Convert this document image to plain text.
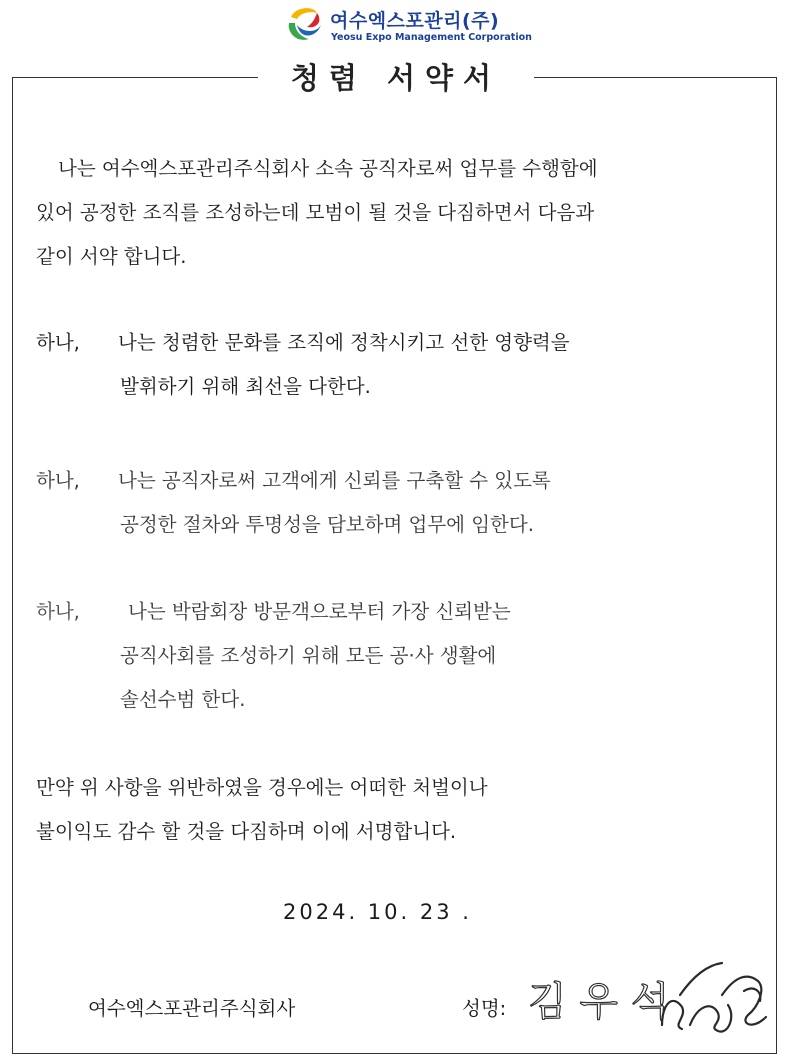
여수엑스포관리(주)
Yeosu Expo Management Corporation
청렴 서약서
나는 여수엑스포관리주식회사 소속 공직자로써 업무를 수행함에
있어 공정한 조직를 조성하는데 모범이 될 것을 다짐하면서 다음과
같이 서약 합니다.
하나, 나는 청렴한 문화를 조직에 정착시키고 선한 영향력을
발휘하기 위해 최선을 다한다.
하나, 나는 공직자로써 고객에게 신뢰를 구축할 수 있도록
공정한 절차와 투명성을 담보하며 업무에 임한다.
하나,	나는 박람회장 방문객으로부터 가장 신뢰받는
공직사회를 조성하기 위해 모든 공·사 생활에
솔선수범 한다.
만약 위 사항을 위반하였을 경우에는 어떠한 처벌이나
불이익도 감수 할 것을 다짐하며 이에 서명합니다.
2024. 10. 23 .
여수엑스포관리주식회사	성명: 김 우 석
